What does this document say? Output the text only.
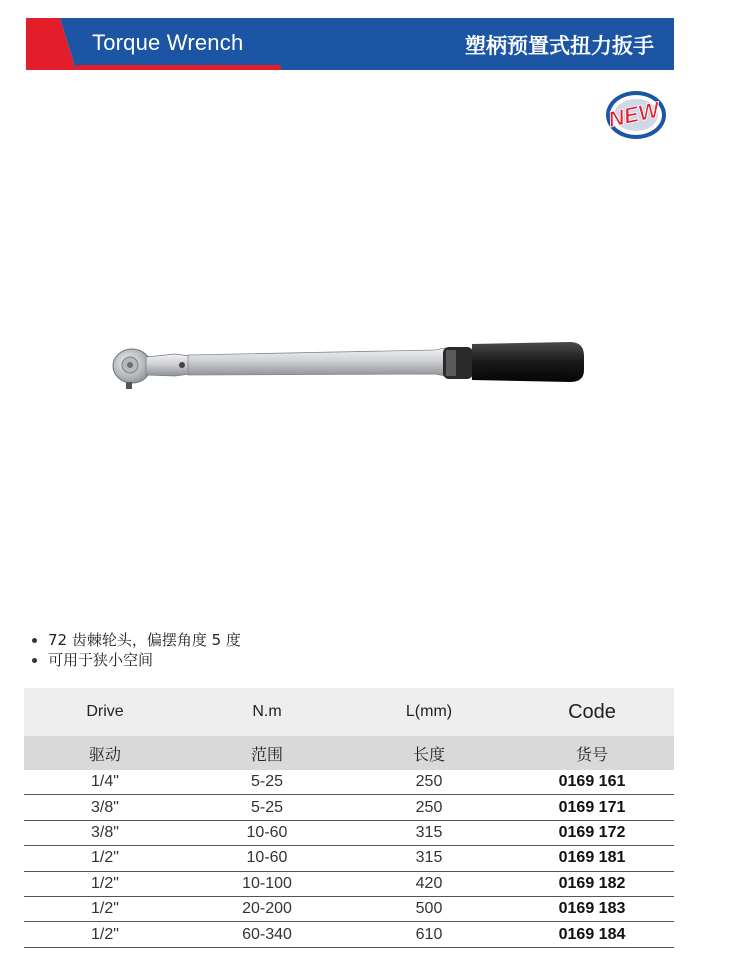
Torque Wrench	塑柄预置式扭力扳手
NEW
72 齿棘轮头，偏摆角度 5 度
可用于狭小空间
Drive	N.m	L(mm)	Code
驱动	范围	长度	货号
1/4"	5-25	250	0169 161
3/8"	5-25	250	0169 171
3/8"	10-60	315	0169 172
1/2"	10-60	315	0169 181
1/2"	10-100	420	0169 182
1/2"	20-200	500	0169 183
1/2"	60-340	610	0169 184
